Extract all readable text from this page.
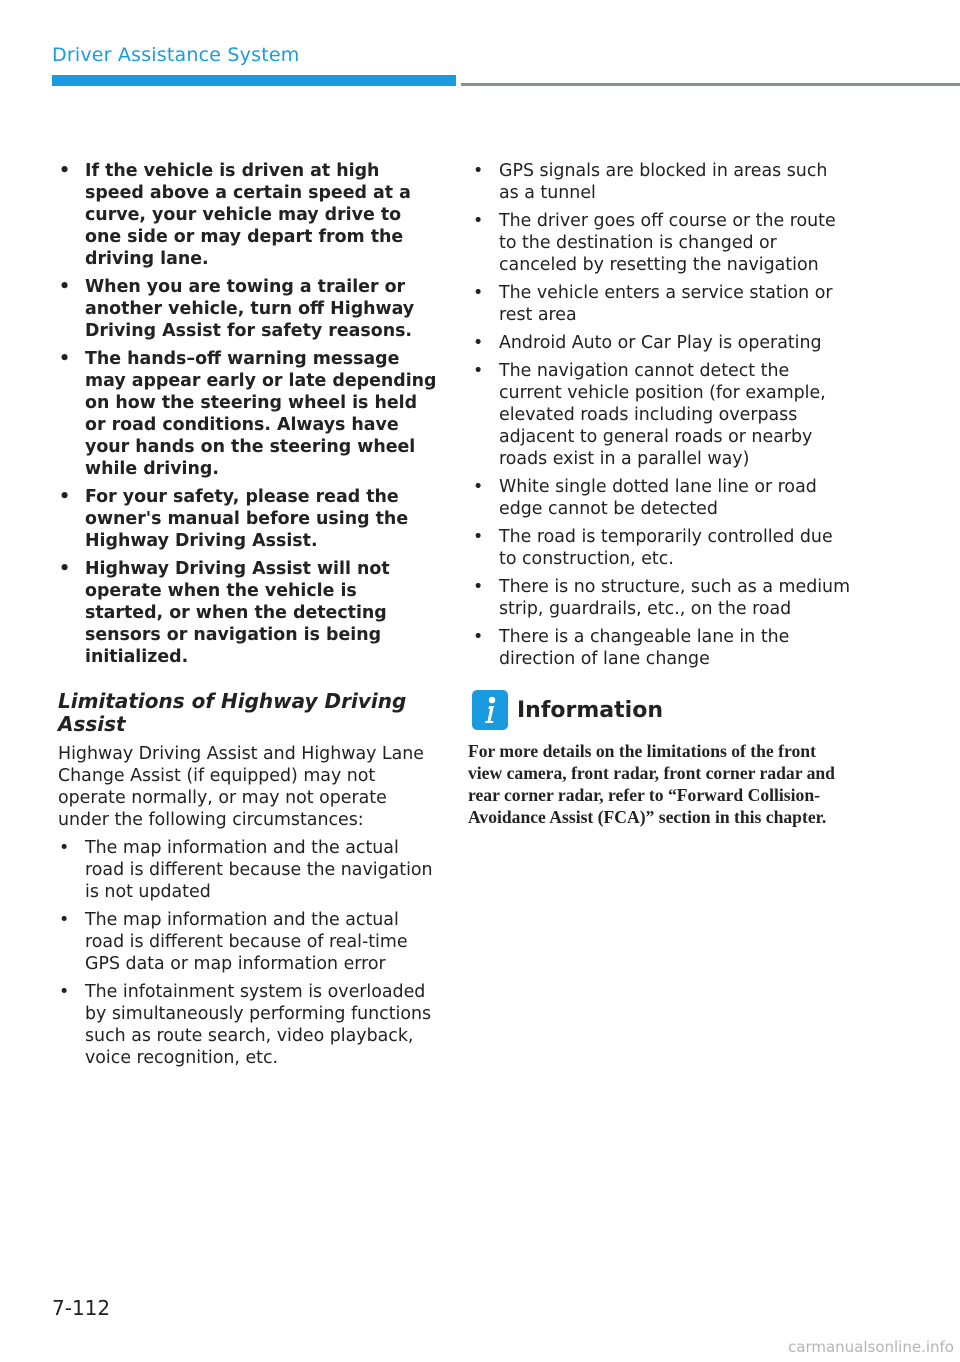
Driver Assistance System
• If the vehicle is driven at high speed above a certain speed at a curve, your vehicle may drive to one side or may depart from the driving lane.
• When you are towing a trailer or another vehicle, turn off Highway Driving Assist for safety reasons.
• The hands–off warning message may appear early or late depending on how the steering wheel is held or road conditions. Always have your hands on the steering wheel while driving.
• For your safety, please read the owner's manual before using the Highway Driving Assist.
• Highway Driving Assist will not operate when the vehicle is started, or when the detecting sensors or navigation is being initialized.
Limitations of Highway Driving Assist

Highway Driving Assist and Highway Lane Change Assist (if equipped) may not operate normally, or may not operate under the following circumstances:

• The map information and the actual road is different because the navigation is not updated
• The map information and the actual road is different because of real-time GPS data or map information error
• The infotainment system is overloaded by simultaneously performing functions such as route search, video playback, voice recognition, etc.
• GPS signals are blocked in areas such as a tunnel
• The driver goes off course or the route to the destination is changed or canceled by resetting the navigation
• The vehicle enters a service station or rest area
• Android Auto or Car Play is operating
• The navigation cannot detect the current vehicle position (for example, elevated roads including overpass adjacent to general roads or nearby roads exist in a parallel way)
• White single dotted lane line or road edge cannot be detected
• The road is temporarily controlled due to construction, etc.
• There is no structure, such as a medium strip, guardrails, etc., on the road
• There is a changeable lane in the direction of lane change
Information
For more details on the limitations of the front view camera, front radar, front corner radar and rear corner radar, refer to “Forward Collision-Avoidance Assist (FCA)” section in this chapter.
7-112
carmanualsonline.info
